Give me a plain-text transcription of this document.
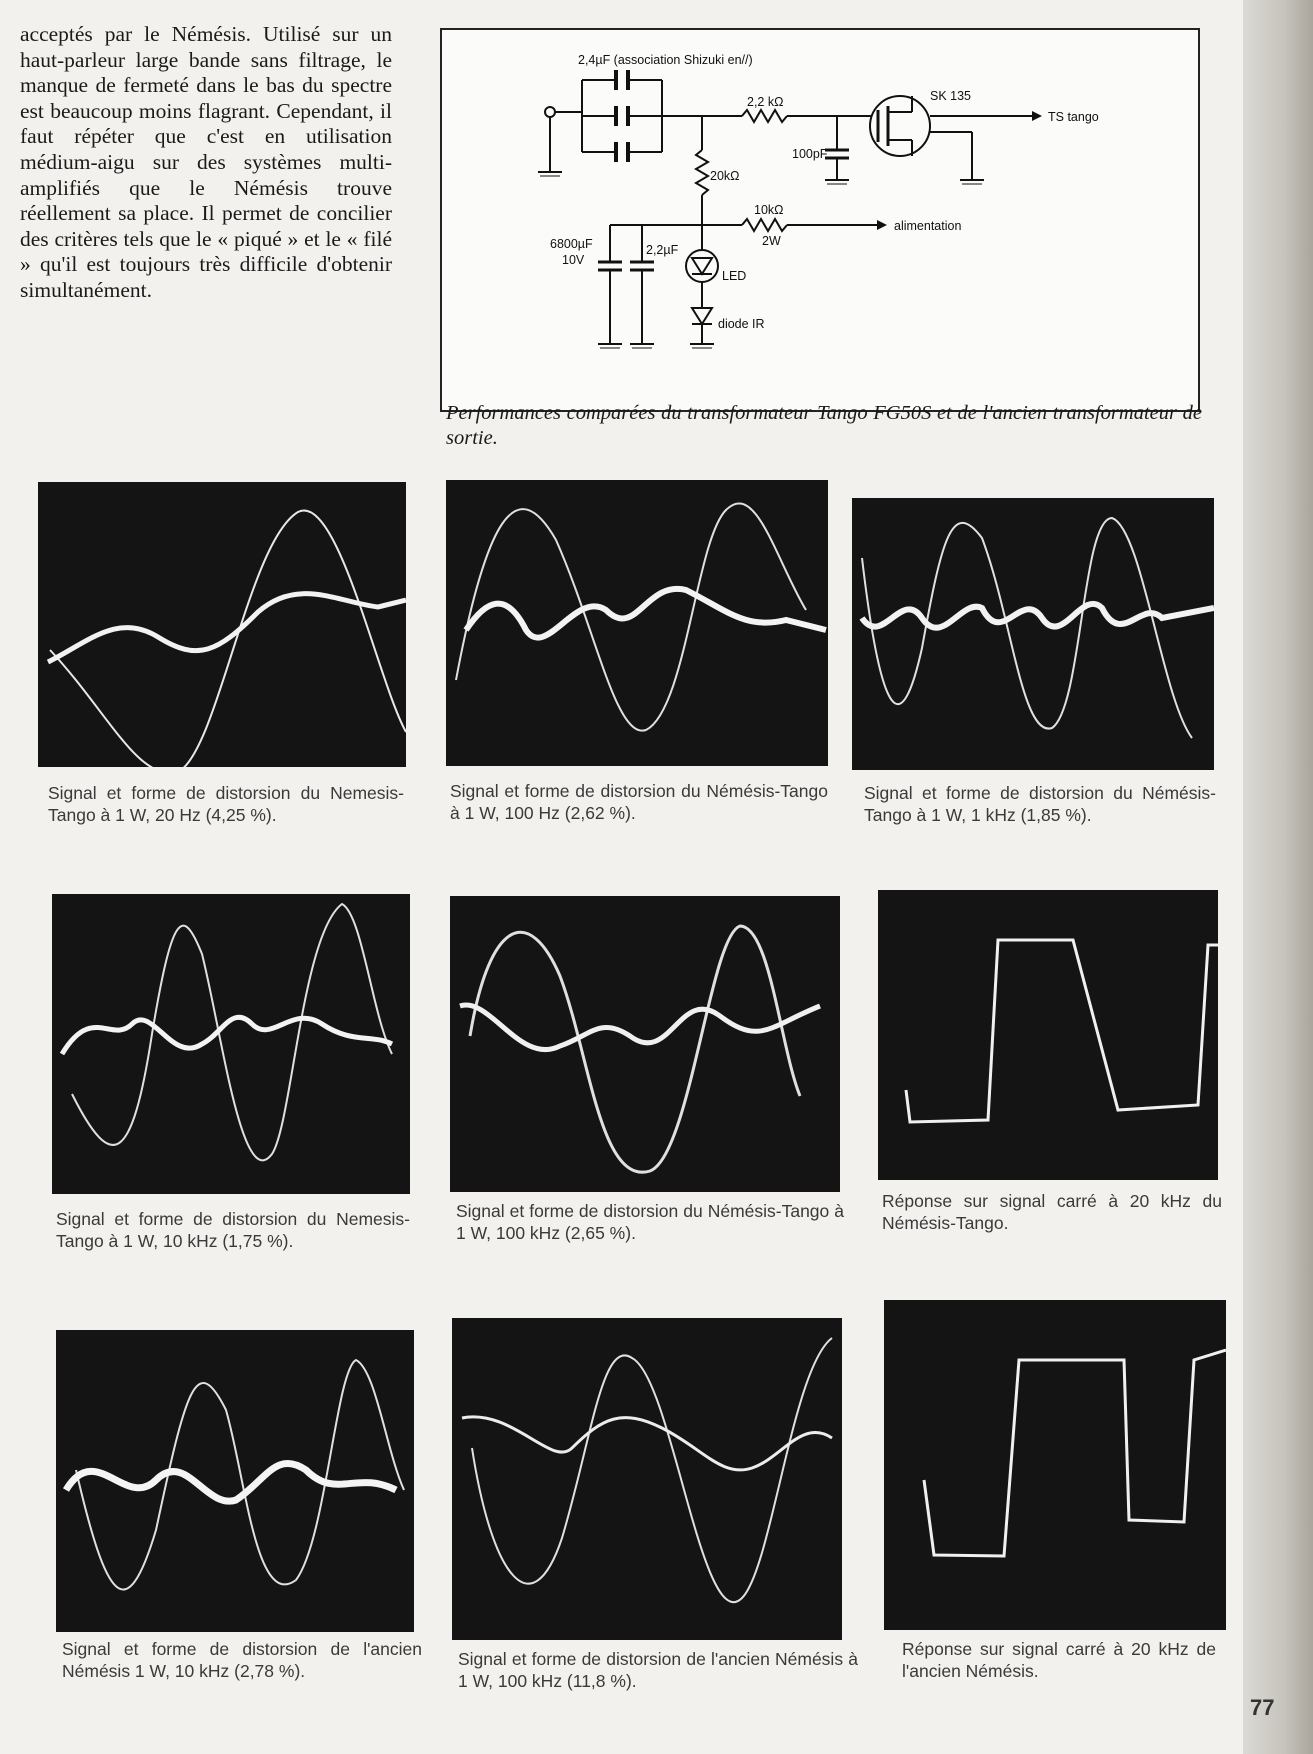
acceptés par le Némésis. Utilisé sur un haut-parleur large bande sans filtrage, le manque de fermeté dans le bas du spectre est beaucoup moins flagrant. Cependant, il faut répéter que c'est en utilisation médium-aigu sur des systèmes multi-amplifiés que le Némésis trouve réellement sa place. Il permet de concilier des critères tels que le « piqué » et le « filé » qu'il est toujours très difficile d'obtenir simultanément.

2,4µF (association Shizuki en//)
2,2 kΩ	SK 135
TS tango
100pF
20kΩ
10kΩ
2W
alimentation
6800µF
10V
2,2µF
LED
diode IR

Performances comparées du transformateur Tango FG50S et de l'ancien transformateur de sortie.

Signal et forme de distorsion du Nemesis-Tango à 1 W, 20 Hz (4,25 %).

Signal et forme de distorsion du Némésis-Tango à 1 W, 100 Hz (2,62 %).

Signal et forme de distorsion du Némésis-Tango à 1 W, 1 kHz (1,85 %).

Signal et forme de distorsion du Nemesis-Tango à 1 W, 10 kHz (1,75 %).

Signal et forme de distorsion du Némésis-Tango à 1 W, 100 kHz (2,65 %).

Réponse sur signal carré à 20 kHz du Némésis-Tango.

Signal et forme de distorsion de l'ancien Némésis 1 W, 10 kHz (2,78 %).

Signal et forme de distorsion de l'ancien Némésis à 1 W, 100 kHz (11,8 %).

Réponse sur signal carré à 20 kHz de l'ancien Némésis.

77
